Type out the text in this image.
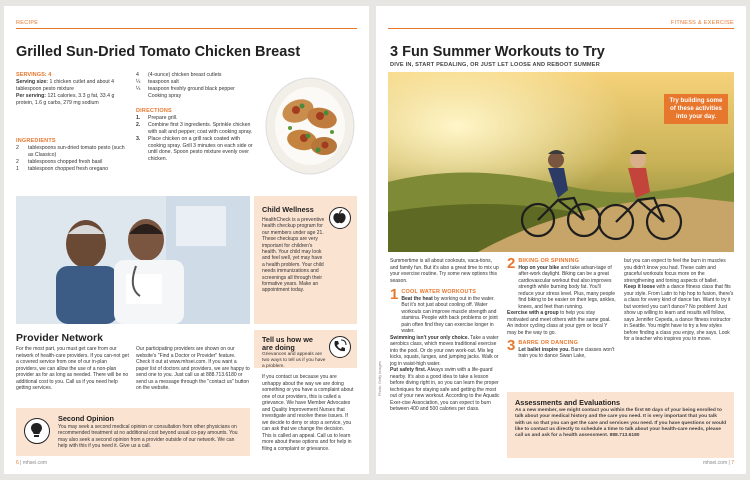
RECIPE
Grilled Sun-Dried Tomato Chicken Breast
SERVINGS: 4
Serving size: 1 chicken cutlet and about 4 tablespoon pesto mixture
Per serving: 121 calories, 3.3 g fat, 33.4 g protein, 1.6 g carbs, 279 mg sodium
INGREDIENTS
2	tablespoons sun-dried tomato pesto (such as Classico)
2	tablespoons chopped fresh basil
1	tablespoon chopped fresh oregano
4	(4-ounce) chicken breast cutlets
¼	teaspoon salt
¼	teaspoon freshly ground black pepper
Cooking spray
DIRECTIONS
1.	Prepare grill.
2.	Combine first 3 ingredients. Sprinkle chicken with salt and pepper; coat with cooking spray.
3.	Place chicken on a grill rack coated with cooking spray. Grill 3 minutes on each side or until done. Spoon pesto mixture evenly over chicken.
Child Wellness
HealthCheck is a preventive health checkup program for our members under age 21. These checkups are very important for children's health. Your child may look and feel well, yet may have a health problem. Your child needs immunizations and screenings all through their formative years. Make an appointment today.
Tell us how we are doing
Grievances and appeals are two ways to tell us if you have a problem.
If you contact us because you are unhappy about the way we are doing something or you have a complaint about one of our providers, this is called a grievance. We have Member Advocates and Quality Improvement Nurses that investigate and resolve these issues. If we decide to deny or stop a service, you can ask that we change the decision. This is called an appeal. Call us to learn more about these options and for help in filing a complaint or grievance.
Provider Network
For the most part, you must get care from our network of health-care providers. If you can-not get a covered service from one of our in-plan providers, we can allow the use of a non-plan provider as for as long as needed. There will be no additional cost to you. Call us if you need help getting services.
Our participating providers are shown on our website's "Find a Doctor or Provider" feature. Check it out at www.mhsei.com. If you want a paper list of doctors and providers, we are happy to send one to you. Just call us at 888.713.6180 or send us a message through the "contact us" button on the website.
Second Opinion
You may seek a second medical opinion or consultation from other physicians on recommended treatment at no additional cost beyond usual co-pay amounts. You may also seek a second opinion from a provider outside of our network. We can help with this if you need it. Give us a call.
6 | mhsei.com
FITNESS & EXERCISE
3 Fun Summer Workouts to Try
DIVE IN, START PEDALING, OR JUST LET LOOSE AND REBOOT SUMMER
Try building some of these activities into your day.
Photo: Getty Images
Summertime is all about cookouts, vaca-tions, and family fun. But it's also a great time to mix up your exercise routine. Try some new options this season.
1 COOL WATER WORKOUTS
Beat the heat by working out in the water. But it's not just about cooling off. Water workouts can improve muscle strength and stamina. People with back problems or joint pain often find they can exercise longer in water.
Swimming isn't your only choice. Take a water aerobics class, which moves traditional exercise into the pool. Or do your own work-out. Mix leg kicks, squats, lunges, and jumping jacks. Walk or jog in waist-high water.
Put safety first. Always swim with a life-guard nearby. It's also a good idea to take a lesson before diving right in, so you can learn the proper techniques for staying safe and getting the most out of your new workout. According to the Aquatic Exer-cise Association, you can expect to burn between 400 and 500 calories per class.
2 BIKING OR SPINNING
Hop on your bike and take advan-tage of after-work daylight. Biking can be a great cardiovascular workout that also improves strength while burning body fat. You'll reduce your stress level. Plus, many people find biking to be easier on their legs, ankles, knees, and feet than running.
Exercise with a group to help you stay motivated and meet others with the same goal. An indoor cycling class at your gym or local Y may be the way to go.
3 BARRE OR DANCING
Let ballet inspire you. Barre classes won't train you to dance Swan Lake,
but you can expect to feel the burn in muscles you didn't know you had. These calm and graceful workouts focus more on the strengthening and toning aspects of ballet.
Keep it loose with a dance fitness class that fits your style. From Latin to hip hop to fusion, there's a class for every kind of dance fan. Want to try it but worried you can't dance? No problem! Just show up willing to learn and results will follow, says Jennifer Cepeda, a dance fitness instructor in Seattle. You might have to try a few styles before finding a class you enjoy, she says. Look for a teacher who inspires you to move.
Assessments and Evaluations
As a new member, we might contact you within the first 60 days of your being enrolled to talk about your medical history and the care you need. It is very important that you talk with us so that you can get the care and services you need. If you have questions or would like to contact us directly to schedule a time to talk about your health-care needs, please call us and ask for a health assessment. 888.713.6180
mhsei.com | 7
